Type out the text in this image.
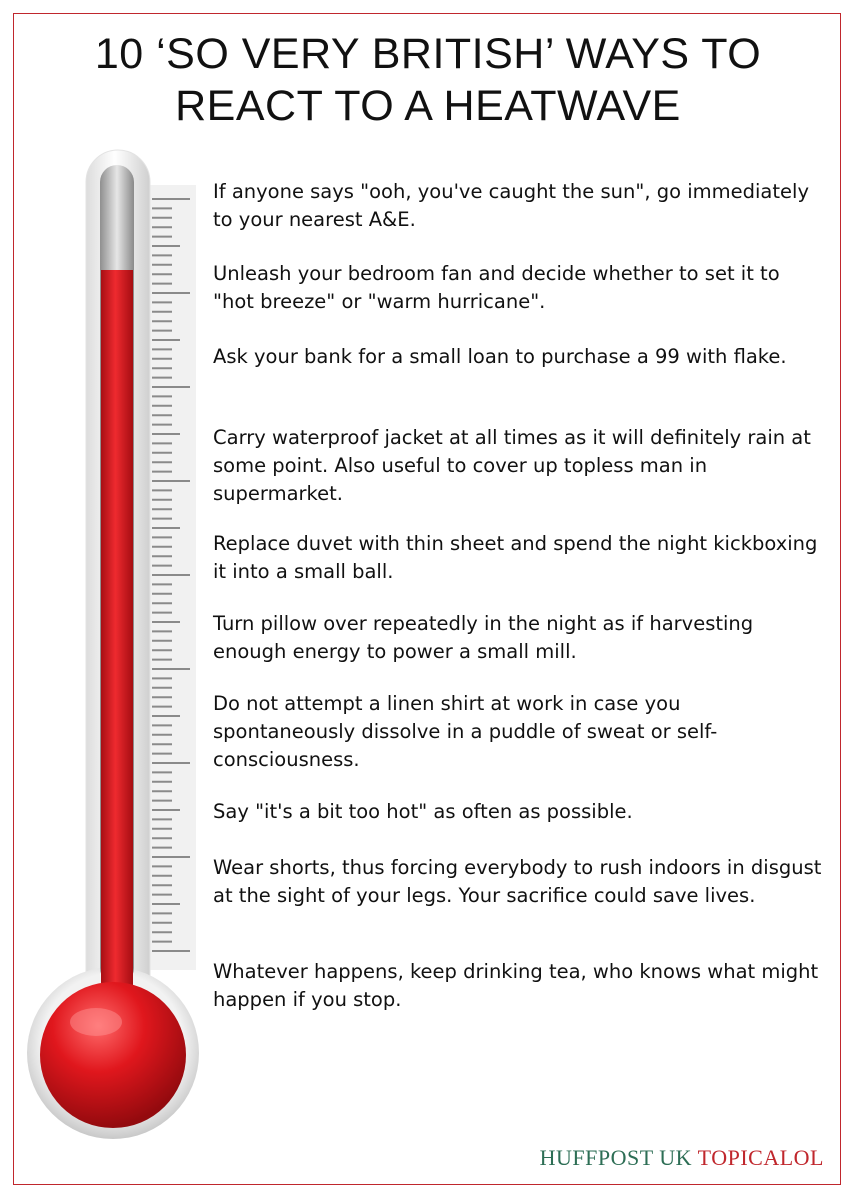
10 ‘SO VERY BRITISH’ WAYS TO
REACT TO A HEATWAVE

If anyone says "ooh, you've caught the sun", go immediately to your nearest A&E.

Unleash your bedroom fan and decide whether to set it to "hot breeze" or "warm hurricane".

Ask your bank for a small loan to purchase a 99 with flake.

Carry waterproof jacket at all times as it will definitely rain at some point. Also useful to cover up topless man in supermarket.

Replace duvet with thin sheet and spend the night kickboxing it into a small ball.

Turn pillow over repeatedly in the night as if harvesting enough energy to power a small mill.

Do not attempt a linen shirt at work in case you spontaneously dissolve in a puddle of sweat or self-consciousness.

Say "it's a bit too hot" as often as possible.

Wear shorts, thus forcing everybody to rush indoors in disgust at the sight of your legs. Your sacrifice could save lives.

Whatever happens, keep drinking tea, who knows what might happen if you stop.

HUFFPOST UK TOPICALOL
